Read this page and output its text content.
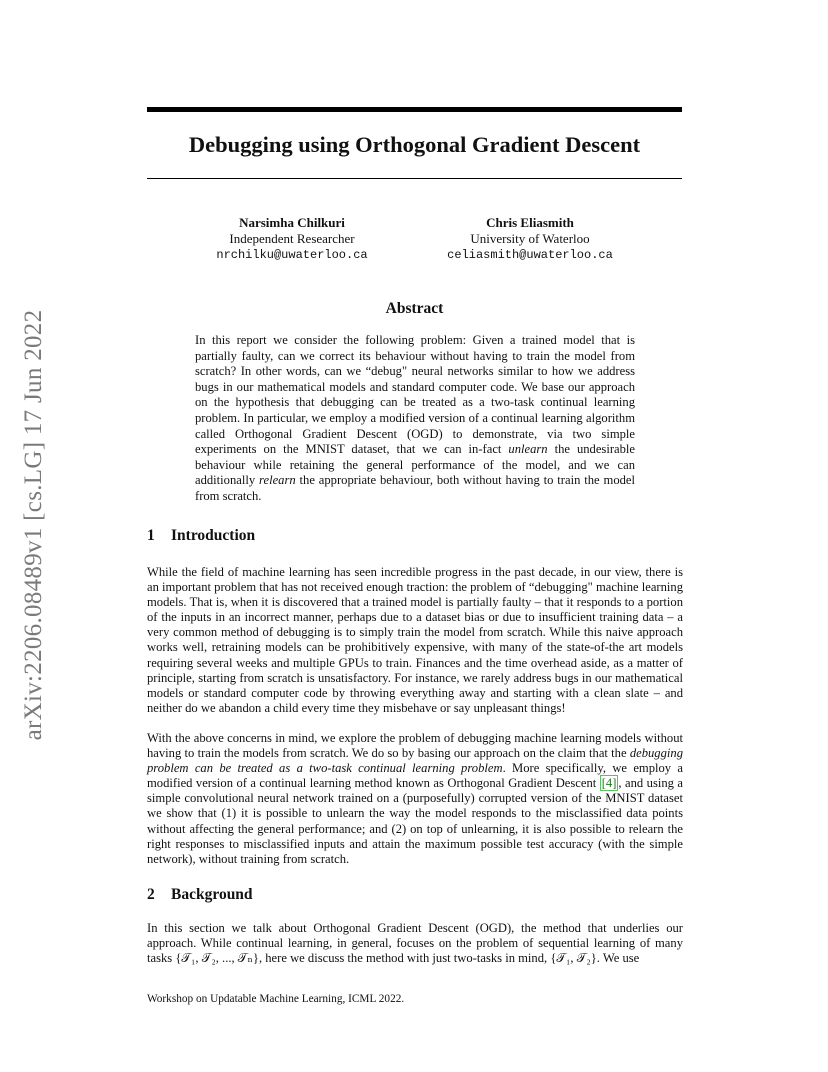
arXiv:2206.08489v1 [cs.LG] 17 Jun 2022
Debugging using Orthogonal Gradient Descent
Narsimha Chilkuri
Independent Researcher
nrchilku@uwaterloo.ca
Chris Eliasmith
University of Waterloo
celiasmith@uwaterloo.ca
Abstract

In this report we consider the following problem: Given a trained model that is partially faulty, can we correct its behaviour without having to train the model from scratch? In other words, can we “debug" neural networks similar to how we address bugs in our mathematical models and standard computer code. We base our approach on the hypothesis that debugging can be treated as a two-task continual learning problem. In particular, we employ a modified version of a continual learning algorithm called Orthogonal Gradient Descent (OGD) to demonstrate, via two simple experiments on the MNIST dataset, that we can in-fact unlearn the undesirable behaviour while retaining the general performance of the model, and we can additionally relearn the appropriate behaviour, both without having to train the model from scratch.

1 Introduction

While the field of machine learning has seen incredible progress in the past decade, in our view, there is an important problem that has not received enough traction: the problem of “debugging" machine learning models. That is, when it is discovered that a trained model is partially faulty – that it responds to a portion of the inputs in an incorrect manner, perhaps due to a dataset bias or due to insufficient training data – a very common method of debugging is to simply train the model from scratch. While this naive approach works well, retraining models can be prohibitively expensive, with many of the state-of-the art models requiring several weeks and multiple GPUs to train. Finances and the time overhead aside, as a matter of principle, starting from scratch is unsatisfactory. For instance, we rarely address bugs in our mathematical models or standard computer code by throwing everything away and starting with a clean slate – and neither do we abandon a child every time they misbehave or say unpleasant things!

With the above concerns in mind, we explore the problem of debugging machine learning models without having to train the models from scratch. We do so by basing our approach on the claim that the debugging problem can be treated as a two-task continual learning problem. More specifically, we employ a modified version of a continual learning method known as Orthogonal Gradient Descent [4] , and using a simple convolutional neural network trained on a (purposefully) corrupted version of the MNIST dataset we show that (1) it is possible to unlearn the way the model responds to the misclassified data points without affecting the general performance; and (2) on top of unlearning, it is also possible to relearn the right responses to misclassified inputs and attain the maximum possible test accuracy (with the simple network), without training from scratch.

2 Background

In this section we talk about Orthogonal Gradient Descent (OGD), the method that underlies our approach. While continual learning, in general, focuses on the problem of sequential learning of many tasks {𝒯₁, 𝒯₂, ..., 𝒯ₙ}, here we discuss the method with just two-tasks in mind, {𝒯₁, 𝒯₂}. We use

Workshop on Updatable Machine Learning, ICML 2022.
